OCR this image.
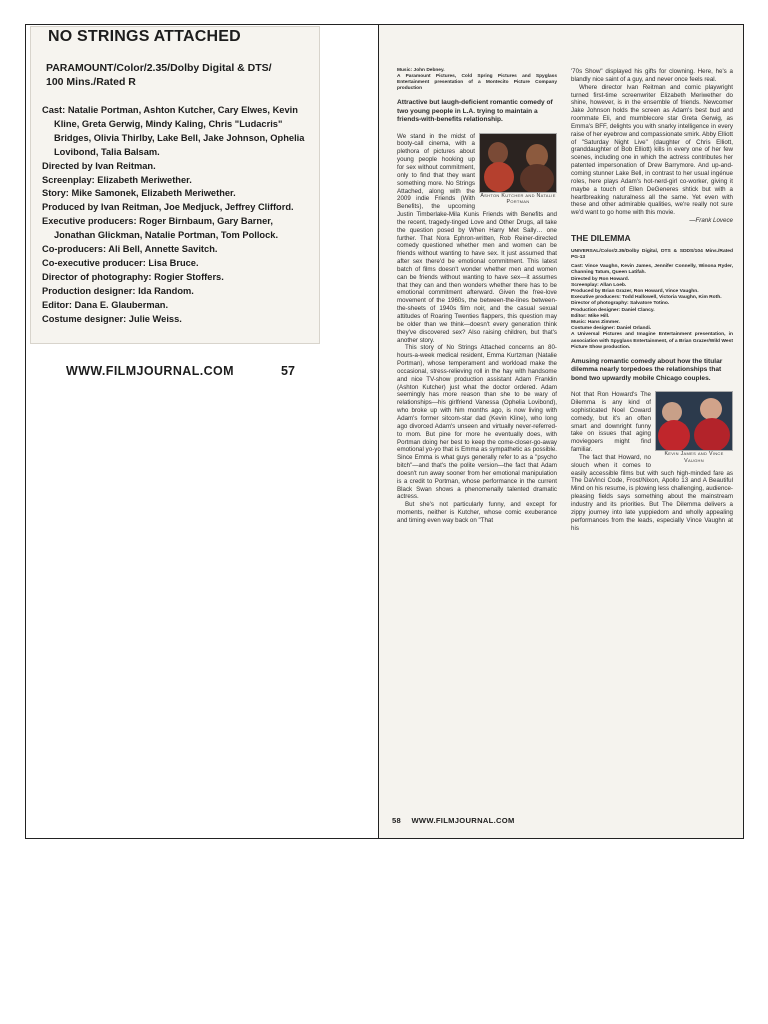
NO STRINGS ATTACHED
PARAMOUNT/Color/2.35/Dolby Digital & DTS/
100 Mins./Rated R
Cast: Natalie Portman, Ashton Kutcher, Cary Elwes, Kevin Kline, Greta Gerwig, Mindy Kaling, Chris "Ludacris" Bridges, Olivia Thirlby, Lake Bell, Jake Johnson, Ophelia Lovibond, Talia Balsam.
Directed by Ivan Reitman.
Screenplay: Elizabeth Meriwether.
Story: Mike Samonek, Elizabeth Meriwether.
Produced by Ivan Reitman, Joe Medjuck, Jeffrey Clifford.
Executive producers: Roger Birnbaum, Gary Barner, Jonathan Glickman, Natalie Portman, Tom Pollock.
Co-producers: Ali Bell, Annette Savitch.
Co-executive producer: Lisa Bruce.
Director of photography: Rogier Stoffers.
Production designer: Ida Random.
Editor: Dana E. Glauberman.
Costume designer: Julie Weiss.
WWW.FILMJOURNAL.COM	57

Music: John Debney.

A Paramount Pictures, Cold Spring Pictures and Spyglass Entertainment presentation of a Montecito Picture Company production

Attractive but laugh-deficient romantic comedy of two young people in L.A. trying to maintain a friends-with-benefits relationship.

Ashton Kutcher and Natalie Portman

We stand in the midst of booty-call cinema, with a plethora of pictures about young people hooking up for sex without commitment, only to find that they want something more. No Strings Attached, along with the 2009 indie Friends (With Benefits), the upcoming Justin Timberlake-Mila Kunis Friends with Benefits and the recent, tragedy-tinged Love and Other Drugs, all take the question posed by When Harry Met Sally… one further. That Nora Ephron-written, Rob Reiner-directed comedy questioned whether men and women can be friends without wanting to have sex. It just assumed that after sex there'd be emotional commitment. This latest batch of films doesn't wonder whether men and women can be friends without wanting to have sex—it assumes that they can and then wonders whether there has to be emotional commitment afterward. Given the free-love movement of the 1960s, the between-the-lines between-the-sheets of 1940s film noir, and the casual sexual attitudes of Roaring Twenties flappers, this question may be older than we think—doesn't every generation think they've discovered sex? Also raising children, but that's another story.

This story of No Strings Attached concerns an 80-hours-a-week medical resident, Emma Kurtzman (Natalie Portman), whose temperament and workload make the occasional, stress-relieving roll in the hay with handsome and nice TV-show production assistant Adam Franklin (Ashton Kutcher) just what the doctor ordered. Adam seemingly has more reason than she to be wary of relationships—his girlfriend Vanessa (Ophelia Lovibond), who broke up with him months ago, is now living with Adam's former sitcom-star dad (Kevin Kline), who long ago divorced Adam's unseen and virtually never-referred-to mom. But pine for more he eventually does, with Portman doing her best to keep the come-closer-go-away emotional yo-yo that is Emma as sympathetic as possible. Since Emma is what guys generally refer to as a "psycho bitch"—and that's the polite version—the fact that Adam doesn't run away sooner from her emotional manipulation is a credit to Portman, whose performance in the current Black Swan shows a phenomenally talented dramatic actress.

But she's not particularly funny, and except for moments, neither is Kutcher, whose comic exuberance and timing even way back on "That

'70s Show" displayed his gifts for clowning. Here, he's a blandly nice saint of a guy, and never once feels real.

Where director Ivan Reitman and comic playwright turned first-time screenwriter Elizabeth Meriwether do shine, however, is in the ensemble of friends. Newcomer Jake Johnson holds the screen as Adam's best bud and roommate Eli, and mumblecore star Greta Gerwig, as Emma's BFF, delights you with snarky intelligence in every raise of her eyebrow and compassionate smirk. Abby Elliott of "Saturday Night Live" (daughter of Chris Elliott, granddaughter of Bob Elliott) kills in every one of her few scenes, including one in which the actress contributes her patented impersonation of Drew Barrymore. And up-and-coming stunner Lake Bell, in contrast to her usual ingénue roles, here plays Adam's hot-nerd-girl co-worker, giving it maybe a touch of Ellen DeGeneres shtick but with a heartbreaking naturalness all the same. Yet even with these and other admirable qualities, we're really not sure we'd want to go home with this movie.

—Frank Lovece

THE DILEMMA

UNIVERSAL/Color/2.35/Dolby Digital, DTS & SDDS/104 Mins./Rated PG-13

Cast: Vince Vaughn, Kevin James, Jennifer Connelly, Winona Ryder, Channing Tatum, Queen Latifah.

Directed by Ron Howard.

Screenplay: Allan Loeb.

Produced by Brian Grazer, Ron Howard, Vince Vaughn.

Executive producers: Todd Hallowell, Victoria Vaughn, Kim Roth.

Director of photography: Salvatore Totino.

Production designer: Daniel Clancy.

Editor: Mike Hill.

Music: Hans Zimmer.

Costume designer: Daniel Orlandi.

A Universal Pictures and Imagine Entertainment presentation, in association with Spyglass Entertainment, of a Brian Grazer/Wild West Picture Show production.

Amusing romantic comedy about how the titular dilemma nearly torpedoes the relationships that bond two upwardly mobile Chicago couples.

Kevin James and Vince Vaughn

Not that Ron Howard's The Dilemma is any kind of sophisticated Noel Coward comedy, but it's an often smart and downright funny take on issues that aging moviegoers might find familiar.

The fact that Howard, no slouch when it comes to easily accessible films but with such high-minded fare as The DaVinci Code, Frost/Nixon, Apollo 13 and A Beautiful Mind on his resume, is plowing less challenging, audience-pleasing fields says something about the mainstream industry and its priorities. But The Dilemma delivers a zippy journey into late yuppiedom and wholly appealing performances from the leads, especially Vince Vaughn at his

58 WWW.FILMJOURNAL.COM
